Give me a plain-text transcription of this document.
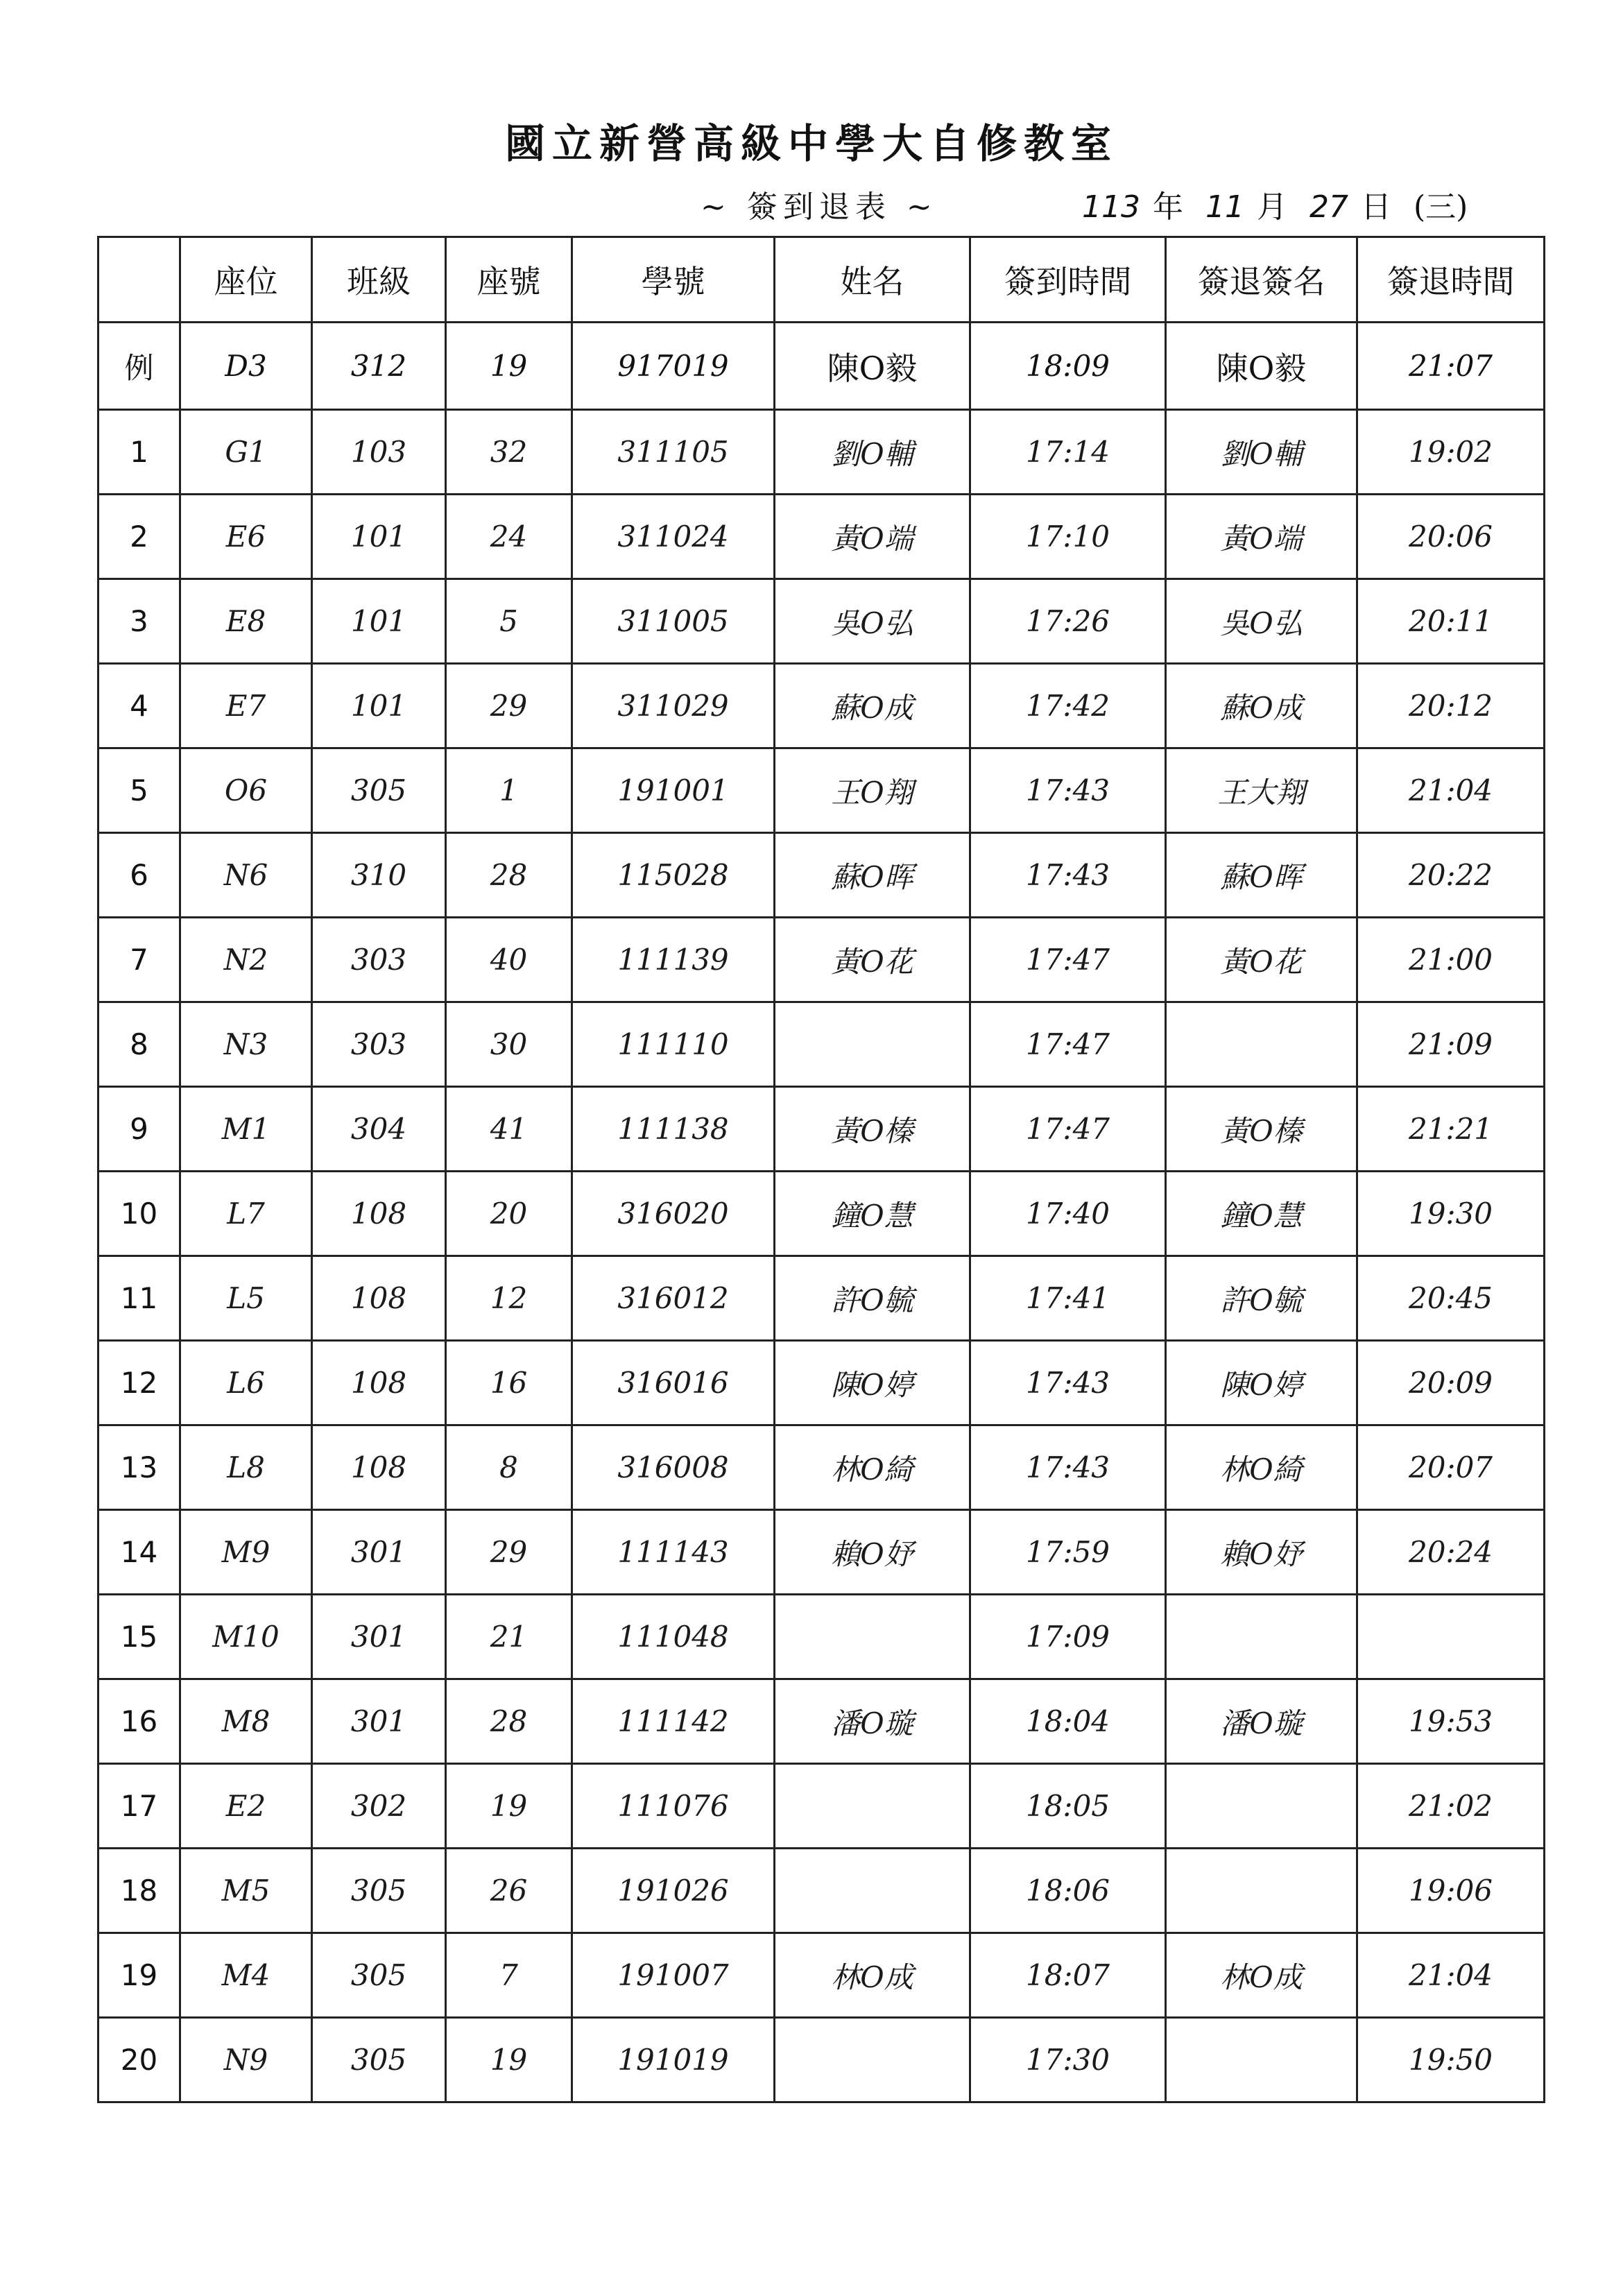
國立新營高級中學大自修教室
~ 簽到退表 ~	113 年 11 月 27 日 (三)
	座位	班級	座號	學號	姓名	簽到時間	簽退簽名	簽退時間
例	D3	312	19	917019	陳O毅	18:09	陳O毅	21:07
1	G1	103	32	311105	劉O輔	17:14	劉O輔	19:02
2	E6	101	24	311024	黃O端	17:10	黃O端	20:06
3	E8	101	5	311005	吳O弘	17:26	吳O弘	20:11
4	E7	101	29	311029	蘇O成	17:42	蘇O成	20:12
5	O6	305	1	191001	王O翔	17:43	王大翔	21:04
6	N6	310	28	115028	蘇O晖	17:43	蘇O晖	20:22
7	N2	303	40	111139	黃O花	17:47	黃O花	21:00
8	N3	303	30	111110		17:47		21:09
9	M1	304	41	111138	黃O榛	17:47	黃O榛	21:21
10	L7	108	20	316020	鐘O慧	17:40	鐘O慧	19:30
11	L5	108	12	316012	許O毓	17:41	許O毓	20:45
12	L6	108	16	316016	陳O婷	17:43	陳O婷	20:09
13	L8	108	8	316008	林O綺	17:43	林O綺	20:07
14	M9	301	29	111143	賴O妤	17:59	賴O妤	20:24
15	M10	301	21	111048		17:09		
16	M8	301	28	111142	潘O璇	18:04	潘O璇	19:53
17	E2	302	19	111076		18:05		21:02
18	M5	305	26	191026		18:06		19:06
19	M4	305	7	191007	林O成	18:07	林O成	21:04
20	N9	305	19	191019		17:30		19:50
